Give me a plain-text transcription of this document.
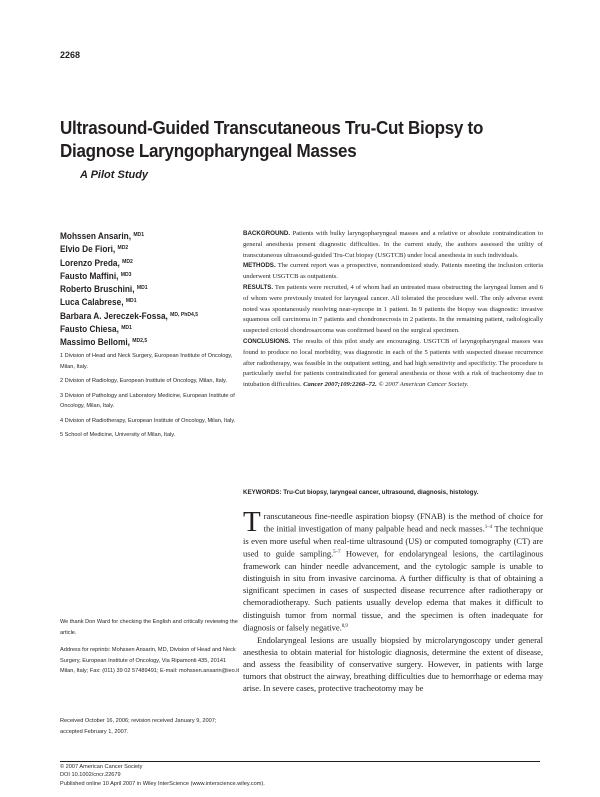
2268
Ultrasound-Guided Transcutaneous Tru-Cut Biopsy to Diagnose Laryngopharyngeal Masses
A Pilot Study
Mohssen Ansarin, $^{MD1}$
Elvio De Fiori, $^{MD2}$
Lorenzo Preda, $^{MD2}$
Fausto Maffini, $^{MD3}$
Roberto Bruschini, $^{MD1}$
Luca Calabrese, $^{MD1}$
Barbara A. Jereczek-Fossa, $^{MD, PhD4,5}$
Fausto Chiesa, $^{MD1}$
Massimo Bellomi, $^{MD2,5}$
1 Division of Head and Neck Surgery, European Institute of Oncology, Milan, Italy.
2 Division of Radiology, European Institute of Oncology, Milan, Italy.
3 Division of Pathology and Laboratory Medicine, European Institute of Oncology, Milan, Italy.
4 Division of Radiotherapy, European Institute of Oncology, Milan, Italy.
5 School of Medicine, University of Milan, Italy.
We thank Don Ward for checking the English and critically reviewing the article.
Address for reprints: Mohssen Ansarin, MD, Division of Head and Neck Surgery, European Institute of Oncology, Via Ripamonti 435, 20141 Milan, Italy; Fax: (011) 39 02 57489491; E-mail: mohssen.ansarin@ieo.it
Received October 16, 2006; revision received January 9, 2007; accepted February 1, 2007.

BACKGROUND. Patients with bulky laryngopharyngeal masses and a relative or absolute contraindication to general anesthesia present diagnostic difficulties. In the current study, the authors assessed the utility of transcutaneous ultrasound-guided Tru-Cut biopsy (USGTCB) under local anesthesia in such individuals.

METHODS. The current report was a prospective, nonrandomized study. Patients meeting the inclusion criteria underwent USGTCB as outpatients.

RESULTS. Ten patients were recruited, 4 of whom had an untreated mass obstructing the laryngeal lumen and 6 of whom were previously treated for laryngeal cancer. All tolerated the procedure well. The only adverse event noted was spontaneously resolving near-syncope in 1 patient. In 9 patients the biopsy was diagnostic: invasive squamous cell carcinoma in 7 patients and chondronecrosis in 2 patients. In the remaining patient, radiologically suspected cricoid chondrosarcoma was confirmed based on the surgical specimen.

CONCLUSIONS. The results of this pilot study are encouraging. USGTCB of laryngopharyngeal masses was found to produce no local morbidity, was diagnostic in each of the 5 patients with suspected disease recurrence after radiotherapy, was feasible in the outpatient setting, and had high sensitivity and specificity. The procedure is particularly useful for patients contraindicated for general anesthesia or those with a risk of tracheotomy due to intubation difficulties. Cancer 2007;109:2268–72. © 2007 American Cancer Society.

KEYWORDS: Tru-Cut biopsy, laryngeal cancer, ultrasound, diagnosis, histology.

Transcutaneous fine-needle aspiration biopsy (FNAB) is the method of choice for the initial investigation of many palpable head and neck masses.$^{1-4}$ The technique is even more useful when real-time ultrasound (US) or computed tomography (CT) are used to guide sampling.$^{5-7}$ However, for endolaryngeal lesions, the cartilaginous framework can hinder needle advancement, and the cytologic sample is unable to distinguish in situ from invasive carcinoma. A further difficulty is that of obtaining a significant specimen in cases of suspected disease recurrence after radiotherapy or chemoradiotherapy. Such patients usually develop edema that makes it difficult to distinguish tumor from normal tissue, and the specimen is often inadequate for diagnosis or falsely negative.$^{8,9}$

Endolaryngeal lesions are usually biopsied by microlaryngoscopy under general anesthesia to obtain material for histologic diagnosis, determine the extent of disease, and assess the feasibility of conservative surgery. However, in patients with large tumors that obstruct the airway, breathing difficulties due to hemorrhage or edema may arise. In severe cases, protective tracheotomy may be

© 2007 American Cancer Society
DOI 10.1002/cncr.22679
Published online 10 April 2007 in Wiley InterScience (www.interscience.wiley.com).
